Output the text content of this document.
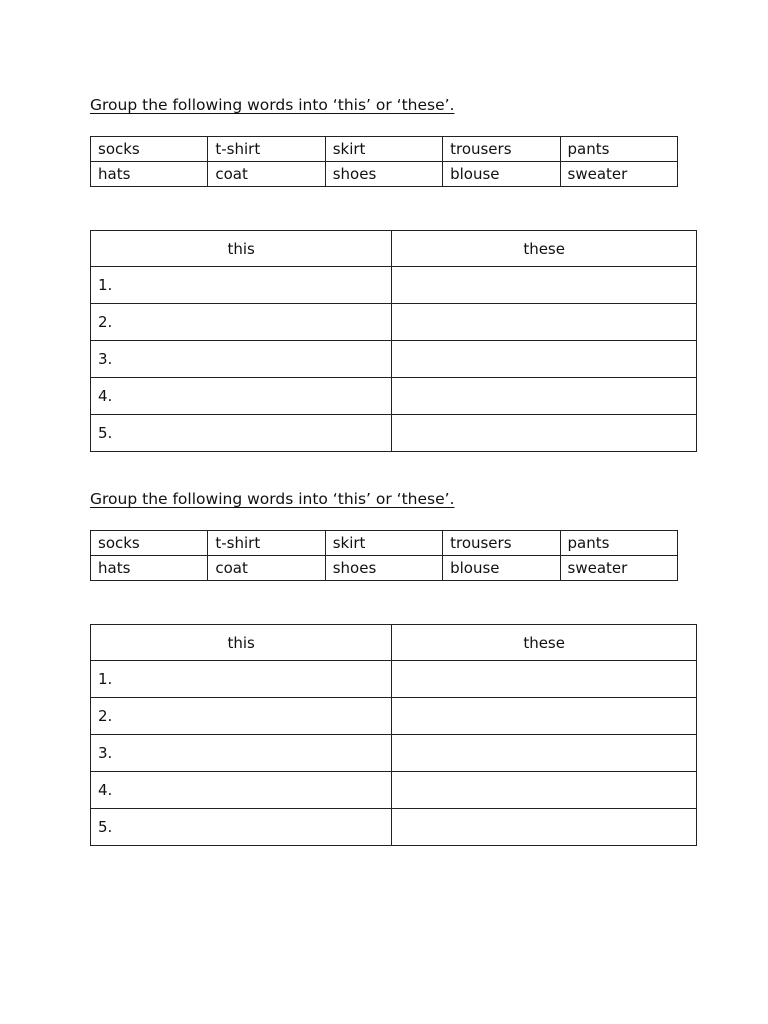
Group the following words into ‘this’ or ‘these’.
socks	t-shirt	skirt	trousers	pants
hats	coat	shoes	blouse	sweater
this	these
1.	
2.	
3.	
4.	
5.	
Group the following words into ‘this’ or ‘these’.
socks	t-shirt	skirt	trousers	pants
hats	coat	shoes	blouse	sweater
this	these
1.	
2.	
3.	
4.	
5.	
